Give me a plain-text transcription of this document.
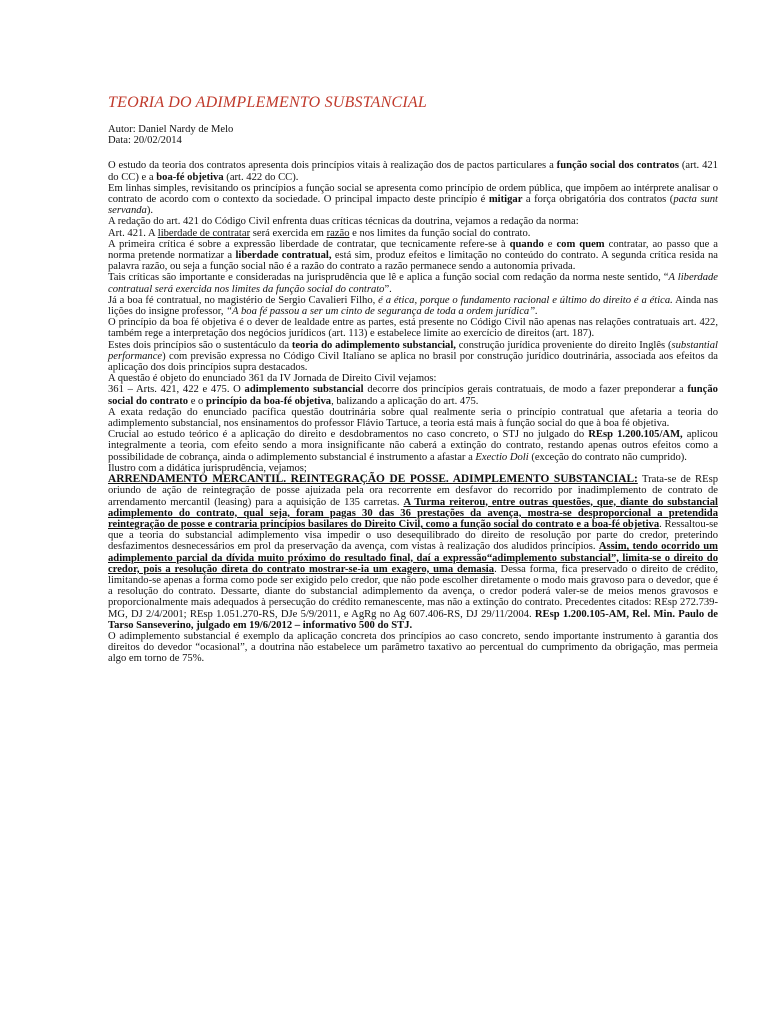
TEORIA DO ADIMPLEMENTO SUBSTANCIAL

Autor: Daniel Nardy de Melo

Data: 20/02/2014

O estudo da teoria dos contratos apresenta dois princípios vitais à realização dos de pactos particulares a função social dos contratos (art. 421 do CC) e a boa-fé objetiva (art. 422 do CC).

Em linhas simples, revisitando os princípios a função social se apresenta como princípio de ordem pública, que impõem ao intérprete analisar o contrato de acordo com o contexto da sociedade. O principal impacto deste princípio é mitigar a força obrigatória dos contratos (pacta sunt servanda).

A redação do art. 421 do Código Civil enfrenta duas críticas técnicas da doutrina, vejamos a redação da norma:

Art. 421. A liberdade de contratar será exercida em razão e nos limites da função social do contrato.

A primeira crítica é sobre a expressão liberdade de contratar, que tecnicamente refere-se à quando e com quem contratar, ao passo que a norma pretende normatizar a liberdade contratual, está sim, produz efeitos e limitação no conteúdo do contrato. A segunda crítica resida na palavra razão, ou seja a função social não é a razão do contrato a razão permanece sendo a autonomia privada.

Tais críticas são importante e consideradas na jurisprudência que lê e aplica a função social com redação da norma neste sentido, “A liberdade contratual será exercida nos limites da função social do contrato”.

Já a boa fé contratual, no magistério de Sergio Cavalieri Filho, é a ética, porque o fundamento racional e último do direito é a ética. Ainda nas lições do insigne professor, “A boa fé passou a ser um cinto de segurança de toda a ordem jurídica”.

O princípio da boa fé objetiva é o dever de lealdade entre as partes, está presente no Código Civil não apenas nas relações contratuais art. 422, também rege a interpretação dos negócios jurídicos (art. 113) e estabelece limite ao exercício de direitos (art. 187).

Estes dois princípios são o sustentáculo da teoria do adimplemento substancial, construção jurídica proveniente do direito Inglês (substantial performance) com previsão expressa no Código Civil Italiano se aplica no brasil por construção jurídico doutrinária, associada aos efeitos da aplicação dos dois princípios supra destacados.

A questão é objeto do enunciado 361 da IV Jornada de Direito Civil vejamos:

361 – Arts. 421, 422 e 475. O adimplemento substancial decorre dos princípios gerais contratuais, de modo a fazer preponderar a função social do contrato e o princípio da boa-fé objetiva, balizando a aplicação do art. 475.

A exata redação do enunciado pacífica questão doutrinária sobre qual realmente seria o princípio contratual que afetaria a teoria do adimplemento substancial, nos ensinamentos do professor Flávio Tartuce, a teoria está mais à função social do que à boa fé objetiva.

Crucial ao estudo teórico é a aplicação do direito e desdobramentos no caso concreto, o STJ no julgado do REsp 1.200.105/AM, aplicou integralmente a teoria, com efeito sendo a mora insignificante não caberá a extinção do contrato, restando apenas outros efeitos como a possibilidade de cobrança, ainda o adimplemento substancial é instrumento a afastar a Exectio Doli (exceção do contrato não cumprido).

Ilustro com a didática jurisprudência, vejamos;

ARRENDAMENTO MERCANTIL. REINTEGRAÇÃO DE POSSE. ADIMPLEMENTO SUBSTANCIAL: Trata-se de REsp oriundo de ação de reintegração de posse ajuizada pela ora recorrente em desfavor do recorrido por inadimplemento de contrato de arrendamento mercantil (leasing) para a aquisição de 135 carretas. A Turma reiterou, entre outras questões, que, diante do substancial adimplemento do contrato, qual seja, foram pagas 30 das 36 prestações da avença, mostra-se desproporcional a pretendida reintegração de posse e contraria princípios basilares do Direito Civil, como a função social do contrato e a boa-fé objetiva. Ressaltou-se que a teoria do substancial adimplemento visa impedir o uso desequilibrado do direito de resolução por parte do credor, preterindo desfazimentos desnecessários em prol da preservação da avença, com vistas à realização dos aludidos princípios. Assim, tendo ocorrido um adimplemento parcial da dívida muito próximo do resultado final, daí a expressão“adimplemento substancial”, limita-se o direito do credor, pois a resolução direta do contrato mostrar-se-ia um exagero, uma demasia. Dessa forma, fica preservado o direito de crédito, limitando-se apenas a forma como pode ser exigido pelo credor, que não pode escolher diretamente o modo mais gravoso para o devedor, que é a resolução do contrato. Dessarte, diante do substancial adimplemento da avença, o credor poderá valer-se de meios menos gravosos e proporcionalmente mais adequados à persecução do crédito remanescente, mas não a extinção do contrato. Precedentes citados: REsp 272.739-MG, DJ 2/4/2001; REsp 1.051.270-RS, DJe 5/9/2011, e AgRg no Ag 607.406-RS, DJ 29/11/2004. REsp 1.200.105-AM, Rel. Min. Paulo de Tarso Sanseverino, julgado em 19/6/2012 – informativo 500 do STJ.

O adimplemento substancial é exemplo da aplicação concreta dos princípios ao caso concreto, sendo importante instrumento à garantia dos direitos do devedor “ocasional”, a doutrina não estabelece um parâmetro taxativo ao percentual do cumprimento da obrigação, mas permeia algo em torno de 75%.
